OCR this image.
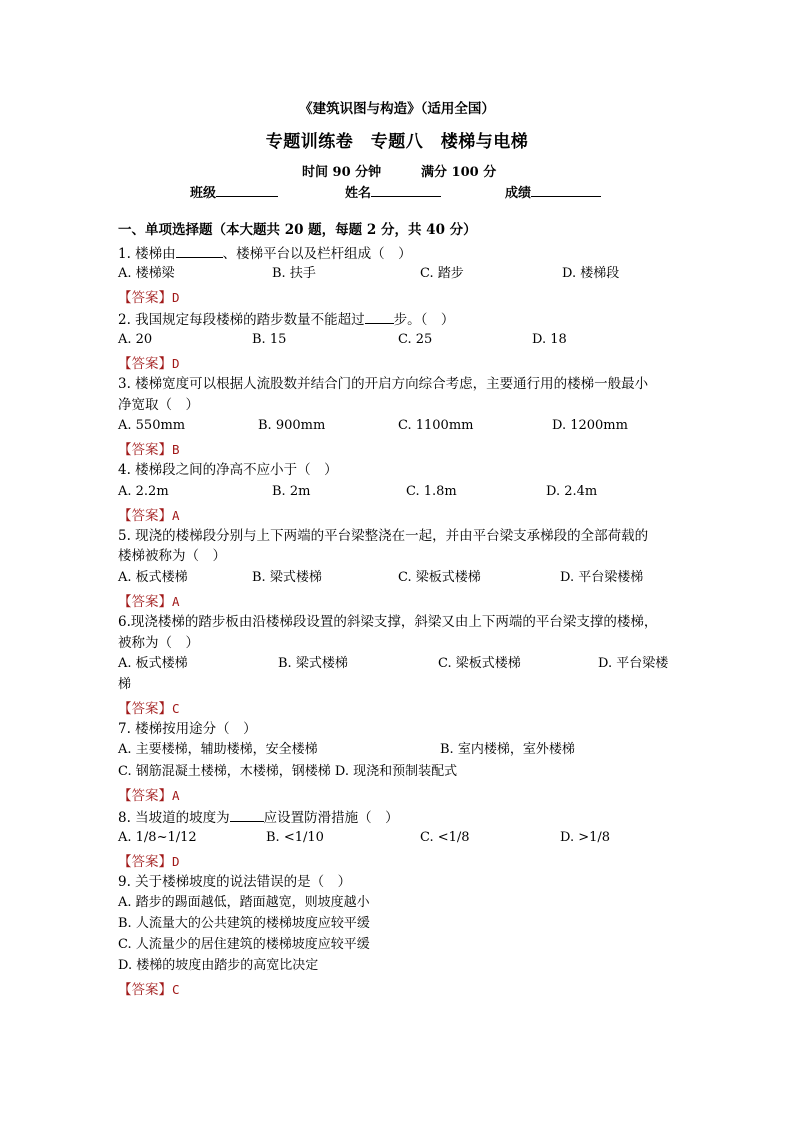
《建筑识图与构造》（适用全国）
专题训练卷　专题八　楼梯与电梯
时间 90 分钟	满分 100 分
班级	姓名	成绩
一、单项选择题（本大题共 20 题，每题 2 分，共 40 分）
1. 楼梯由	、楼梯平台以及栏杆组成（　）
A. 楼梯梁	B. 扶手	C. 踏步	D. 楼梯段
【答案】D
2. 我国规定每段楼梯的踏步数量不能超过 步。（　）
A. 20	B. 15	C. 25	D. 18
【答案】D
3. 楼梯宽度可以根据人流股数并结合门的开启方向综合考虑，主要通行用的楼梯一般最小
净宽取（　）
A. 550mm	B. 900mm	C. 1100mm	D. 1200mm
【答案】B
4. 楼梯段之间的净高不应小于（　）
A. 2.2m	B. 2m	C. 1.8m	D. 2.4m
【答案】A
5. 现浇的楼梯段分别与上下两端的平台梁整浇在一起，并由平台梁支承梯段的全部荷载的
楼梯被称为（　）
A. 板式楼梯	B. 梁式楼梯	C. 梁板式楼梯	D. 平台梁楼梯
【答案】A
6.现浇楼梯的踏步板由沿楼梯段设置的斜梁支撑，斜梁又由上下两端的平台梁支撑的楼梯，
被称为（　）
A. 板式楼梯	B. 梁式楼梯	C. 梁板式楼梯	D. 平台梁楼
梯
【答案】C
7. 楼梯按用途分（　）
A. 主要楼梯，辅助楼梯，安全楼梯	B. 室内楼梯，室外楼梯
C. 钢筋混凝土楼梯，木楼梯，钢楼梯 D. 现浇和预制装配式
【答案】A
8. 当坡道的坡度为	应设置防滑措施（　）
A. 1/8~1/12	B. <1/10	C. <1/8	D. >1/8
【答案】D
9. 关于楼梯坡度的说法错误的是（　）
A. 踏步的踢面越低，踏面越宽，则坡度越小
B. 人流量大的公共建筑的楼梯坡度应较平缓
C. 人流量少的居住建筑的楼梯坡度应较平缓
D. 楼梯的坡度由踏步的高宽比决定
【答案】C
